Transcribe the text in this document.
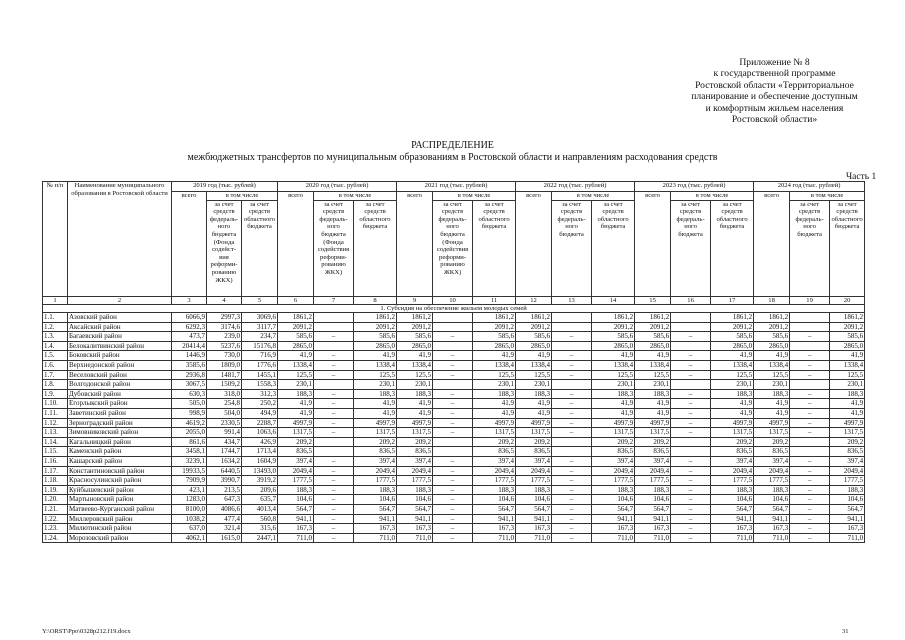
Приложение № 8
к государственной программе
Ростовской области «Территориальное
планирование и обеспечение доступным
и комфортным жильем населения
Ростовской области»
РАСПРЕДЕЛЕНИЕ
межбюджетных трансфертов по муниципальным образованиям в Ростовской области и направлениям расходования средств
Часть 1
№ п/п	Наименование муниципального образования в Ростовской области	2019 год (тыс. рублей)			2020 год (тыс. рублей)			2021 год (тыс. рублей)			2022 год (тыс. рублей)			2023 год (тыс. рублей)			2024 год (тыс. рублей)		
		всего	в том числе		всего	в том числе		всего	в том числе		всего	в том числе		всего	в том числе		всего	в том числе	
			за счет средств федераль-ного бюджета (Фонда содейст-вия реформи-рованию ЖКХ)	за счет средств областного бюджета		за счет средств федераль-ного бюджета (Фонда содействия реформи-рованию ЖКХ)	за счет средств областного бюджета		за счет средств федераль-ного бюджета (Фонда содействия реформи-рованию ЖКХ)	за счет средств областного бюджета		за счет средств федераль-ного бюджета	за счет средств областного бюджета		за счет средств федераль-ного бюджета	за счет средств областного бюджета		за счет средств федераль-ного бюджета	за счет средств областного бюджета
1	2	3	4	5	6	7	8	9	10	11	12	13	14	15	16	17	18	19	20
1. Субсидия на обеспечение жильем молодых семей																			
1.1.	Азовский район	6066,9	2997,3	3069,6	1861,2		1861,2	1861,2		1861,2	1861,2		1861,2	1861,2		1861,2	1861,2		1861,2
1.2.	Аксайский район	6292,3	3174,6	3117,7	2091,2		2091,2	2091,2		2091,2	2091,2		2091,2	2091,2		2091,2	2091,2		2091,2
1.3.	Багаевский район	473,7	239,0	234,7	585,6	–	585,6	585,6	–	585,6	585,6	–	585,6	585,6	–	585,6	585,6	–	585,6
1.4.	Белокалитвинский район	20414,4	5237,6	15176,8	2865,0		2865,0	2865,0		2865,0	2865,0		2865,0	2865,0		2865,0	2865,0		2865,0
1.5.	Боковский район	1446,9	730,0	716,9	41,9	–	41,9	41,9	–	41,9	41,9	–	41,9	41,9	–	41,9	41,9	–	41,9
1.6.	Верхнедонской район	3585,6	1809,0	1776,6	1338,4	–	1338,4	1338,4	–	1338,4	1338,4	–	1338,4	1338,4	–	1338,4	1338,4	–	1338,4
1.7.	Веселовский район	2936,8	1481,7	1455,1	125,5	–	125,5	125,5	–	125,5	125,5	–	125,5	125,5	–	125,5	125,5	–	125,5
1.8.	Волгодонской район	3067,5	1509,2	1558,3	230,1		230,1	230,1		230,1	230,1		230,1	230,1		230,1	230,1		230,1
1.9.	Дубовский район	630,3	318,0	312,3	188,3	–	188,3	188,3	–	188,3	188,3	–	188,3	188,3	–	188,3	188,3	–	188,3
1.10.	Егорлыкский район	505,0	254,8	250,2	41,9	–	41,9	41,9	–	41,9	41,9	–	41,9	41,9	–	41,9	41,9	–	41,9
1.11.	Заветинский район	998,9	504,0	494,9	41,9	–	41,9	41,9	–	41,9	41,9	–	41,9	41,9	–	41,9	41,9	–	41,9
1.12.	Зерноградский район	4619,2	2330,5	2288,7	4997,9	–	4997,9	4997,9	–	4997,9	4997,9	–	4997,9	4997,9	–	4997,9	4997,9	–	4997,9
1.13.	Зимовниковский район	2055,0	991,4	1063,6	1317,5	–	1317,5	1317,5	–	1317,5	1317,5	–	1317,5	1317,5	–	1317,5	1317,5	–	1317,5
1.14.	Кагальницкий район	861,6	434,7	426,9	209,2		209,2	209,2		209,2	209,2		209,2	209,2		209,2	209,2		209,2
1.15.	Каменский район	3458,1	1744,7	1713,4	836,5		836,5	836,5		836,5	836,5		836,5	836,5		836,5	836,5		836,5
1.16.	Кашарский район	3239,1	1634,2	1604,9	397,4	–	397,4	397,4	–	397,4	397,4	–	397,4	397,4	–	397,4	397,4	–	397,4
1.17.	Константиновский район	19933,5	6440,5	13493,0	2049,4	–	2049,4	2049,4	–	2049,4	2049,4	–	2049,4	2049,4	–	2049,4	2049,4	–	2049,4
1.18.	Красносулинский район	7909,9	3990,7	3919,2	1777,5	–	1777,5	1777,5	–	1777,5	1777,5	–	1777,5	1777,5	–	1777,5	1777,5	–	1777,5
1.19.	Куйбышевский район	423,1	213,5	209,6	188,3	–	188,3	188,3	–	188,3	188,3	–	188,3	188,3	–	188,3	188,3	–	188,3
1.20.	Мартыновский район	1283,0	647,3	635,7	104,6	–	104,6	104,6	–	104,6	104,6	–	104,6	104,6	–	104,6	104,6	–	104,6
1.21.	Матвеево-Курганский район	8100,0	4086,6	4013,4	564,7	–	564,7	564,7	–	564,7	564,7	–	564,7	564,7	–	564,7	564,7	–	564,7
1.22.	Миллеровский район	1038,2	477,4	560,8	941,1	–	941,1	941,1	–	941,1	941,1	–	941,1	941,1	–	941,1	941,1	–	941,1
1.23.	Милютинский район	637,0	321,4	315,6	167,3	–	167,3	167,3	–	167,3	167,3	–	167,3	167,3	–	167,3	167,3	–	167,3
1.24.	Морозовский район	4062,1	1615,0	2447,1	711,0	–	711,0	711,0	–	711,0	711,0	–	711,0	711,0	–	711,0	711,0	–	711,0
Y:\ORST\Ppo\0328p212.f19.docx	31
